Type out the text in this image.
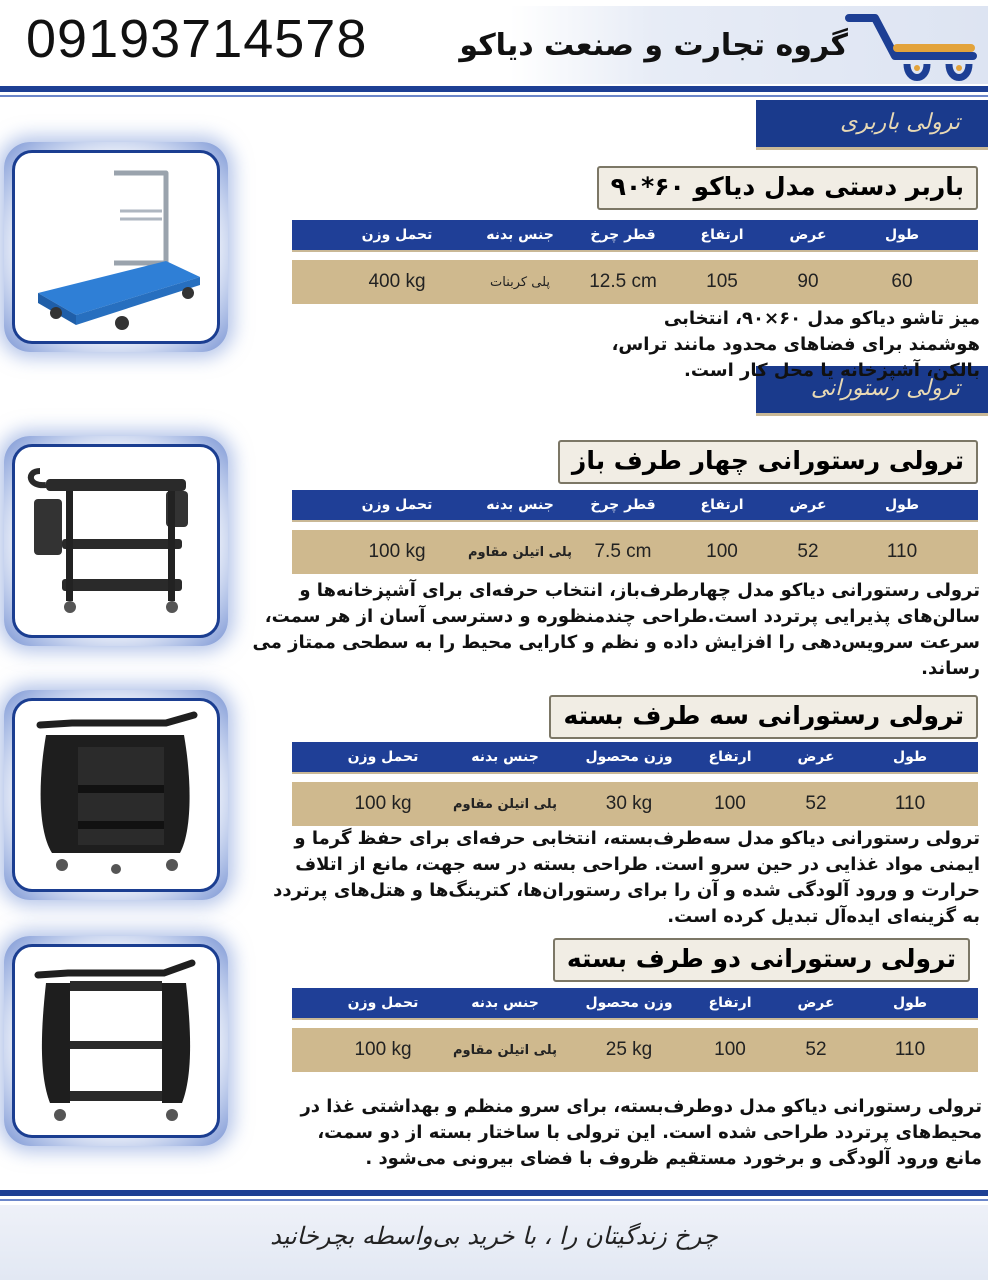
09193714578	گروه تجارت و صنعت دیاکو
ترولی باربری
ترولی رستورانی
باربر دستی مدل دیاکو ۶۰*۹۰
طول
عرض
ارتفاع
قطر چرخ
جنس بدنه
تحمل وزن
60
90
105
12.5 cm
پلی کربنات
400 kg
میز تاشو دیاکو مدل ۶۰×۹۰، انتخابی هوشمند برای فضاهای محدود مانند تراس، بالکن، آشپزخانه یا محل کار است.
ترولی رستورانی چهار طرف باز
طول
عرض
ارتفاع
قطر چرخ
جنس بدنه
تحمل وزن
110
52
100
7.5 cm
پلی اتیلن مقاوم
100 kg
ترولی رستورانی دیاکو مدل چهارطرف‌باز، انتخاب حرفه‌ای برای آشپزخانه‌ها و سالن‌های پذیرایی پرتردد است.طراحی چندمنظوره و دسترسی آسان از هر سمت، سرعت سرویس‌دهی را افزایش داده و نظم و کارایی محیط را به سطحی ممتاز می رساند.
ترولی رستورانی سه طرف بسته
طول
عرض
ارتفاع
وزن محصول
جنس بدنه
تحمل وزن
110
52
100
30 kg
پلی اتیلن مقاوم
100 kg
ترولی رستورانی دیاکو مدل سه‌طرف‌بسته، انتخابی حرفه‌ای برای حفظ گرما و ایمنی مواد غذایی در حین سرو است. طراحی بسته در سه جهت، مانع از اتلاف حرارت و ورود آلودگی شده و آن را برای رستوران‌ها، کترینگ‌ها و هتل‌های پرتردد به گزینه‌ای ایده‌آل تبدیل کرده است.
ترولی رستورانی دو طرف بسته
طول
عرض
ارتفاع
وزن محصول
جنس بدنه
تحمل وزن
110
52
100
25 kg
پلی اتیلن مقاوم
100 kg
ترولی رستورانی دیاکو مدل دوطرف‌بسته، برای سرو منظم و بهداشتی غذا در محیط‌های پرتردد طراحی شده است. این ترولی با ساختار بسته از دو سمت، مانع ورود آلودگی و برخورد مستقیم ظروف با فضای بیرونی می‌شود .
چرخ زندگیتان را ، با خرید بی‌واسطه بچرخانید
